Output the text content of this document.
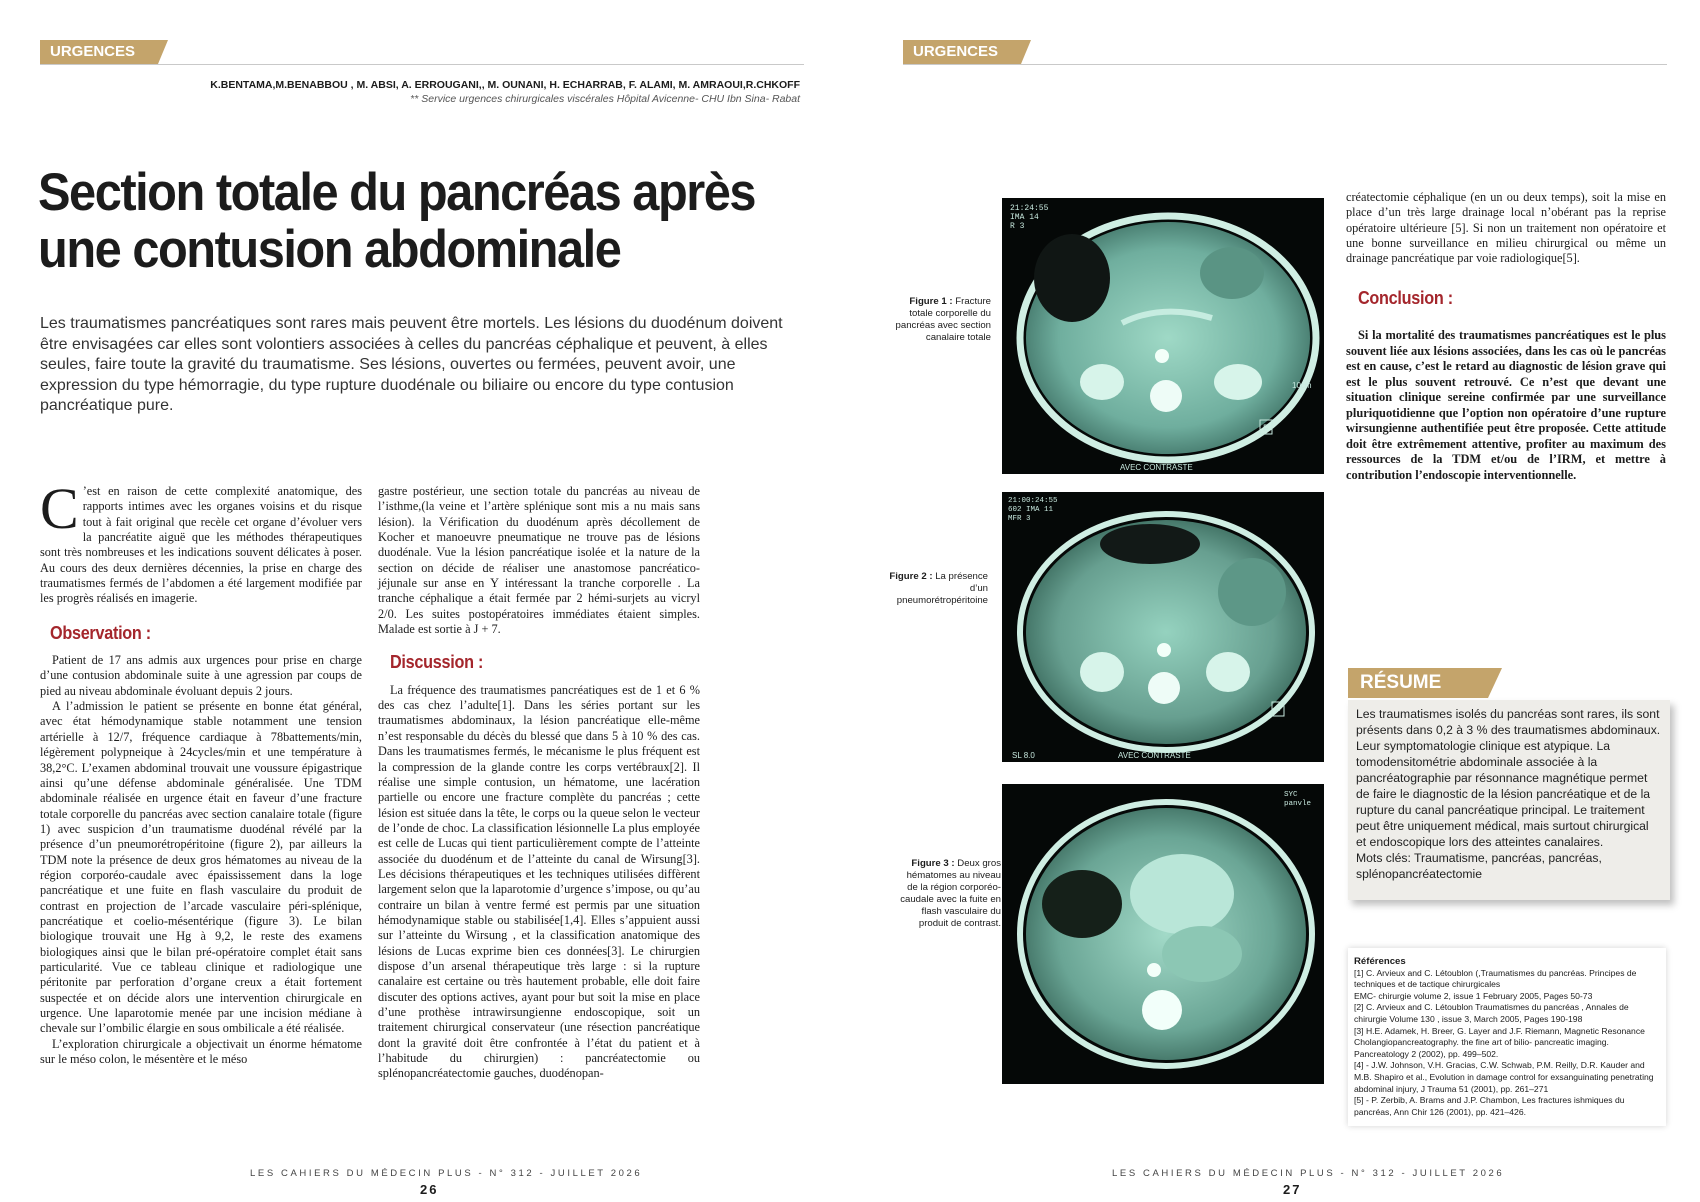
URGENCES
K.BENTAMA,M.BENABBOU , M. ABSI, A. ERROUGANI,, M. OUNANI, H. ECHARRAB, F. ALAMI, M. AMRAOUI,R.CHKOFF
** Service urgences chirurgicales viscérales Hôpital Avicenne- CHU Ibn Sina- Rabat
Section totale du pancréas après
une contusion abdominale
Les traumatismes pancréatiques sont rares mais peuvent être mortels. Les lésions du duodénum doivent être envisagées car elles sont volontiers associées à celles du pancréas céphalique et peuvent, à elles seules, faire toute la gravité du traumatisme. Ses lésions, ouvertes ou fermées, peuvent avoir, une expression du type hémorragie, du type rupture duodénale ou biliaire ou encore du type contusion pancréatique pure.

C ’est en raison de cette complexité anatomique, des rapports intimes avec les organes voisins et du risque tout à fait original que recèle cet organe d’évoluer vers la pancréatite aiguë que les méthodes thérapeutiques sont très nombreuses et les indications souvent délicates à poser. Au cours des deux dernières décennies, la prise en charge des traumatismes fermés de l’abdomen a été largement modifiée par les progrès réalisés en imagerie.

Observation :

Patient de 17 ans admis aux urgences pour prise en charge d’une contusion abdominale suite à une agression par coups de pied au niveau abdominale évoluant depuis 2 jours.

A l’admission le patient se présente en bonne état général, avec état hémodynamique stable notamment une tension artérielle à 12/7, fréquence cardiaque à 78battements/min, légèrement polypneique à 24cycles/min et une température à 38,2°C. L’examen abdominal trouvait une voussure épigastrique ainsi qu’une défense abdominale généralisée. Une TDM abdominale réalisée en urgence était en faveur d’une fracture totale corporelle du pancréas avec section canalaire totale (figure 1) avec suspicion d’un traumatisme duodénal révélé par la présence d’un pneumorétropéritoine (figure 2), par ailleurs la TDM note la présence de deux gros hématomes au niveau de la région corporéo-caudale avec épaississement dans la loge pancréatique et une fuite en flash vasculaire du produit de contrast en projection de l’arcade vasculaire péri-splénique, pancréatique et coelio-mésentérique (figure 3). Le bilan biologique trouvait une Hg à 9,2, le reste des examens biologiques ainsi que le bilan pré-opératoire complet était sans particularité. Vue ce tableau clinique et radiologique une péritonite par perforation d’organe creux a était fortement suspectée et on décide alors une intervention chirurgicale en urgence. Une laparotomie menée par une incision médiane à chevale sur l’ombilic élargie en sous ombilicale a été réalisée.

L’exploration chirurgicale a objectivait un énorme hématome sur le méso colon, le mésentère et le méso

gastre postérieur, une section totale du pancréas au niveau de l’isthme,(la veine et l’artère splénique sont mis a nu mais sans lésion). la Vérification du duodénum après décollement de Kocher et manoeuvre pneumatique ne trouve pas de lésions duodénale. Vue la lésion pancréatique isolée et la nature de la section on décide de réaliser une anastomose pancréatico-jéjunale sur anse en Y intéressant la tranche corporelle . La tranche céphalique a était fermée par 2 hémi-surjets au vicryl 2/0. Les suites postopératoires immédiates étaient simples. Malade est sortie à J + 7.

Discussion :

La fréquence des traumatismes pancréatiques est de 1 et 6 % des cas chez l’adulte[1]. Dans les séries portant sur les traumatismes abdominaux, la lésion pancréatique elle-même n’est responsable du décès du blessé que dans 5 à 10 % des cas. Dans les traumatismes fermés, le mécanisme le plus fréquent est la compression de la glande contre les corps vertébraux[2]. Il réalise une simple contusion, un hématome, une lacération partielle ou encore une fracture complète du pancréas ; cette lésion est située dans la tête, le corps ou la queue selon le vecteur de l’onde de choc. La classification lésionnelle La plus employée est celle de Lucas qui tient particulièrement compte de l’atteinte associée du duodénum et de l’atteinte du canal de Wirsung[3]. Les décisions thérapeutiques et les techniques utilisées diffèrent largement selon que la laparotomie d’urgence s’impose, ou qu’au contraire un bilan à ventre fermé est permis par une situation hémodynamique stable ou stabilisée[1,4]. Elles s’appuient aussi sur l’atteinte du Wirsung , et la classification anatomique des lésions de Lucas exprime bien ces données[3]. Le chirurgien dispose d’un arsenal thérapeutique très large : si la rupture canalaire est certaine ou très hautement probable, elle doit faire discuter des options actives, ayant pour but soit la mise en place d’une prothèse intrawirsungienne endoscopique, soit un traitement chirurgical conservateur (une résection pancréatique dont la gravité doit être confrontée à l’état du patient et à l’habitude du chirurgien) : pancréatectomie ou splénopancréatectomie gauches, duodénopan-

LES CAHIERS DU MÉDECIN PLUS - N° 312 - JUILLET 2026
26
URGENCES
Figure 1 : Fracture totale corporelle du pancréas avec section canalaire totale
21:24:55 IMA 14 R 3
10cm
AVEC CONTRASTE
F
Figure 2 : La présence d’un pneumorétropéritoine
21:00:24:55 602 IMA 11 MFR 3
AVEC CONTRASTE
SL 8.0
F
Figure 3 : Deux gros hématomes au niveau de la région corporéo-caudale avec la fuite en flash vasculaire du produit de contrast.
SYC panvle

créatectomie céphalique (en un ou deux temps), soit la mise en place d’un très large drainage local n’obérant pas la reprise opératoire ultérieure [5]. Si non un traitement non opératoire et une bonne surveillance en milieu chirurgical ou même un drainage pancréatique par voie radiologique[5].

Conclusion :
Si la mortalité des traumatismes pancréatiques est le plus souvent liée aux lésions associées, dans les cas où le pancréas est en cause, c’est le retard au diagnostic de lésion grave qui est le plus souvent retrouvé. Ce n’est que devant une situation clinique sereine confirmée par une surveillance pluriquotidienne que l’option non opératoire d’une rupture wirsungienne authentifiée peut être proposée. Cette attitude doit être extrêmement attentive, profiter au maximum des ressources de la TDM et/ou de l’IRM, et mettre à contribution l’endoscopie interventionnelle.
RÉSUME
Les traumatismes isolés du pancréas sont rares, ils sont présents dans 0,2 à 3 % des traumatismes abdominaux. Leur symptomatologie clinique est atypique. La tomodensitométrie abdominale associée à la pancréatographie par résonnance magnétique permet de faire le diagnostic de la lésion pancréatique et de la rupture du canal pancréatique principal. Le traitement peut être uniquement médical, mais surtout chirurgical et endoscopique lors des atteintes canalaires.
Mots clés: Traumatisme, pancréas, pancréas, splénopancréatectomie
Références
[1] C. Arvieux and C. Létoublon (,Traumatismes du pancréas. Principes de techniques et de tactique chirurgicales
EMC- chirurgie volume 2, issue 1 February 2005, Pages 50-73
[2] C. Arvieux and C. Létoublon Traumatismes du pancréas , Annales de chirurgie Volume 130 , issue 3, March 2005, Pages 190-198
[3] H.E. Adamek, H. Breer, G. Layer and J.F. Riemann, Magnetic Resonance Cholangiopancreatography. the fine art of bilio- pancreatic imaging. Pancreatology 2 (2002), pp. 499–502.
[4] - J.W. Johnson, V.H. Gracias, C.W. Schwab, P.M. Reilly, D.R. Kauder and M.B. Shapiro et al., Evolution in damage control for exsanguinating penetrating abdominal injury, J Trauma 51 (2001), pp. 261–271
[5] - P. Zerbib, A. Brams and J.P. Chambon, Les fractures ishmiques du pancréas, Ann Chir 126 (2001), pp. 421–426.
LES CAHIERS DU MÉDECIN PLUS - N° 312 - JUILLET 2026
27
